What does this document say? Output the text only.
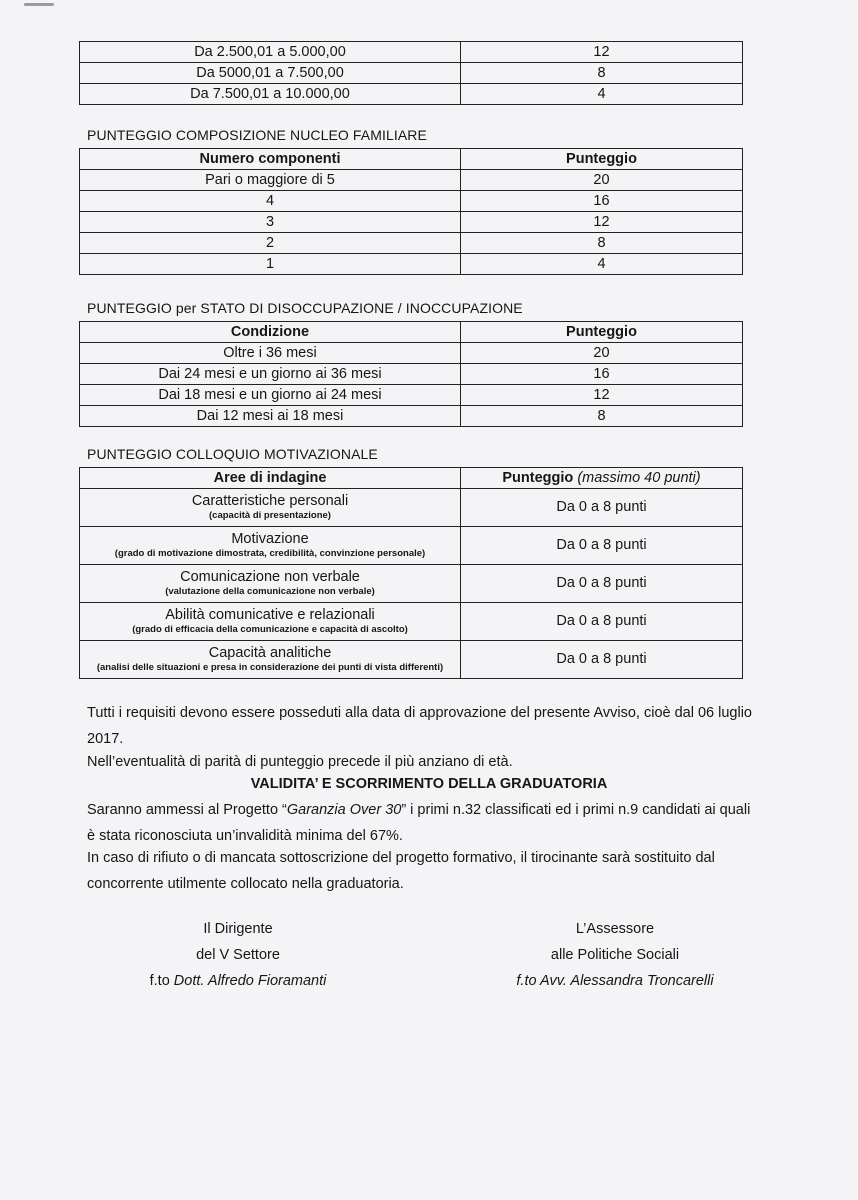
Da 2.500,01 a 5.000,00	12
Da 5000,01 a 7.500,00	8
Da 7.500,01 a 10.000,00	4
PUNTEGGIO COMPOSIZIONE NUCLEO FAMILIARE
Numero componenti	Punteggio
Pari o maggiore di 5	20
4	16
3	12
2	8
1	4
PUNTEGGIO per STATO DI DISOCCUPAZIONE / INOCCUPAZIONE
Condizione	Punteggio
Oltre i 36 mesi	20
Dai 24 mesi e un giorno ai 36 mesi	16
Dai 18 mesi e un giorno ai 24 mesi	12
Dai 12 mesi ai 18 mesi	8
PUNTEGGIO COLLOQUIO MOTIVAZIONALE
Aree di indagine	Punteggio (massimo 40 punti)

Caratteristiche personali
(capacità di presentazione)	Da 0 a 8 punti

Motivazione
(grado di motivazione dimostrata, credibilità, convinzione personale)	Da 0 a 8 punti

Comunicazione non verbale
(valutazione della comunicazione non verbale)	Da 0 a 8 punti

Abilità comunicative e relazionali
(grado di efficacia della comunicazione e capacità di ascolto)	Da 0 a 8 punti

Capacità analitiche
(analisi delle situazioni e presa in considerazione dei punti di vista differenti)	Da 0 a 8 punti
Tutti i requisiti devono essere posseduti alla data di approvazione del presente Avviso, cioè dal 06 luglio 2017.
Nell’eventualità di parità di punteggio precede il più anziano di età.
VALIDITA’ E SCORRIMENTO DELLA GRADUATORIA
Saranno ammessi al Progetto “Garanzia Over 30” i primi n.32 classificati ed i primi n.9 candidati ai quali è stata riconosciuta un’invalidità minima del 67%.
In caso di rifiuto o di mancata sottoscrizione del progetto formativo, il tirocinante sarà sostituito dal concorrente utilmente collocato nella graduatoria.
Il Dirigente
del V Settore
f.to Dott. Alfredo Fioramanti
L’Assessore
alle Politiche Sociali
f.to Avv. Alessandra Troncarelli
